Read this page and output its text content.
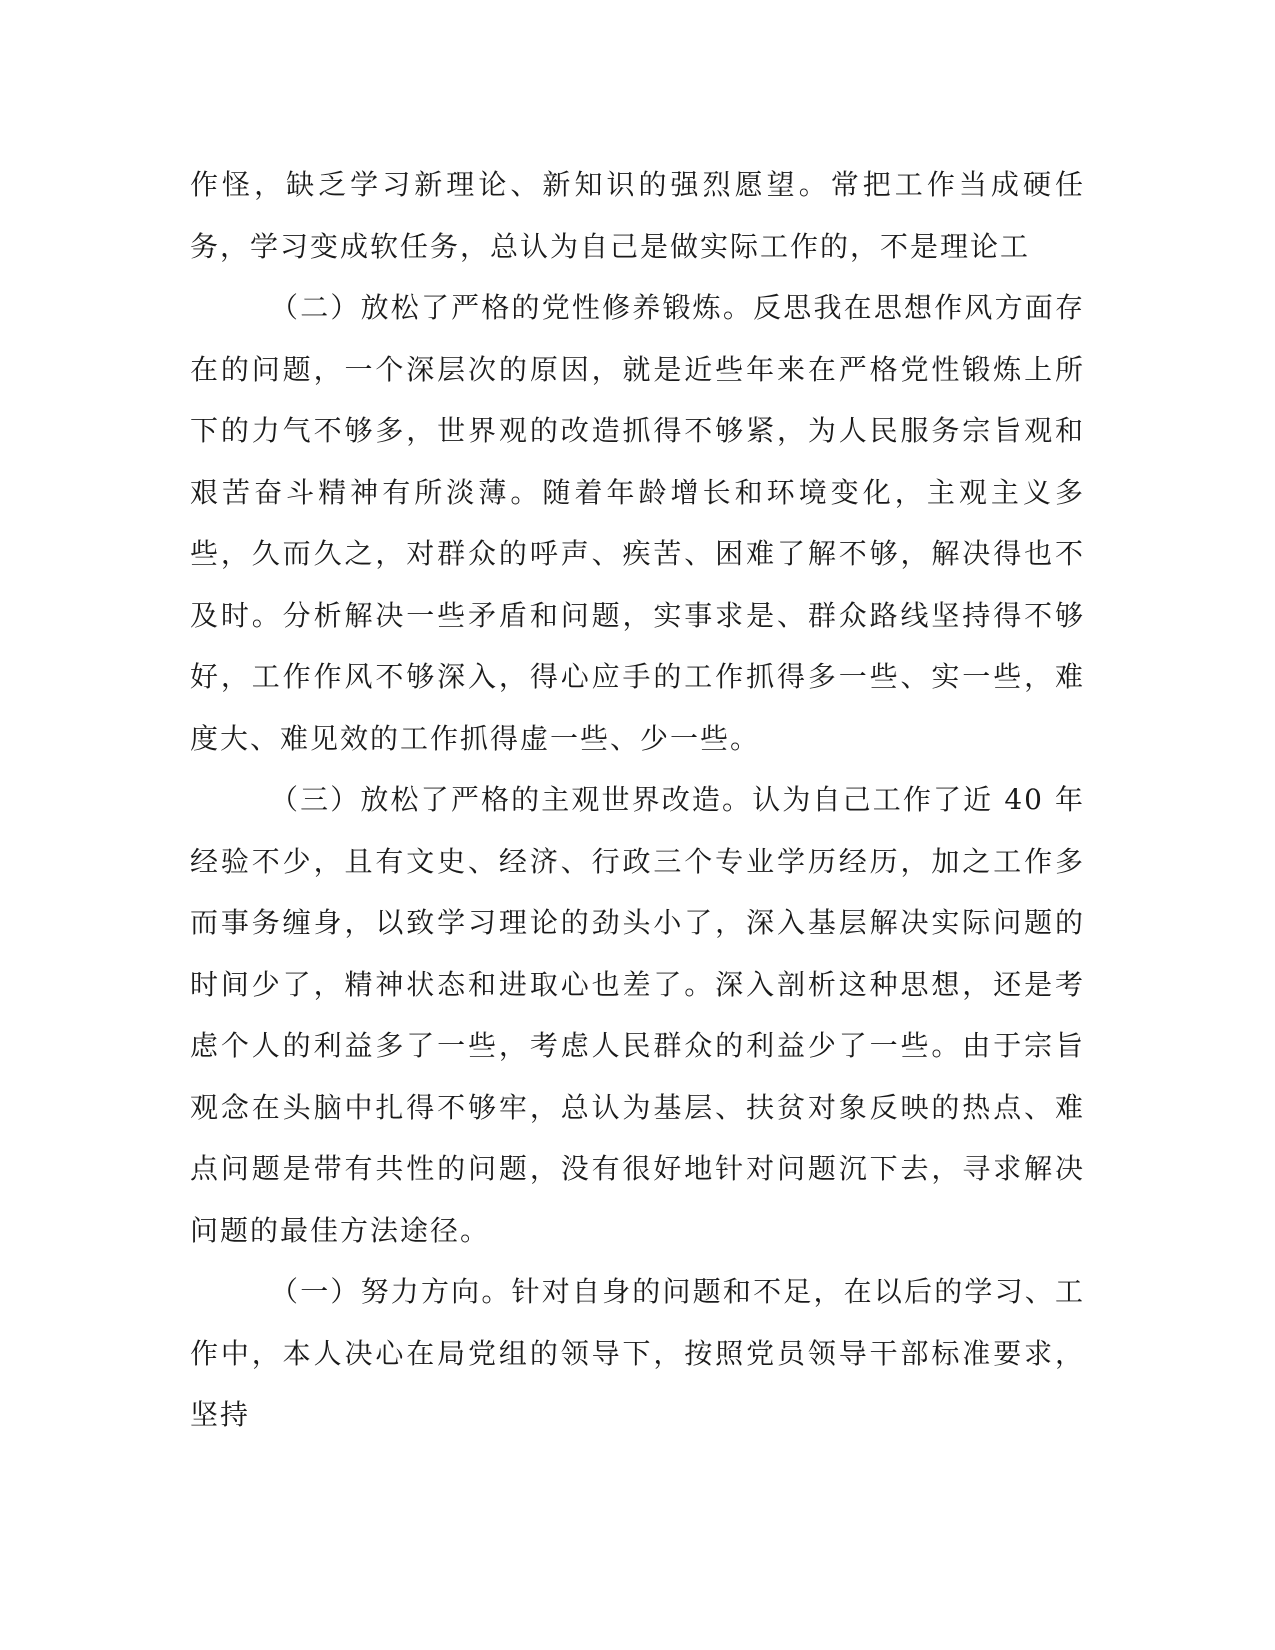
作怪，缺乏学习新理论、新知识的强烈愿望。常把工作当成硬任务，学习变成软任务，总认为自己是做实际工作的，不是理论工

（二）放松了严格的党性修养锻炼。反思我在思想作风方面存在的问题，一个深层次的原因，就是近些年来在严格党性锻炼上所下的力气不够多，世界观的改造抓得不够紧，为人民服务宗旨观和艰苦奋斗精神有所淡薄。随着年龄增长和环境变化，主观主义多些，久而久之，对群众的呼声、疾苦、困难了解不够，解决得也不及时。分析解决一些矛盾和问题，实事求是、群众路线坚持得不够好，工作作风不够深入，得心应手的工作抓得多一些、实一些，难度大、难见效的工作抓得虚一些、少一些。

（三）放松了严格的主观世界改造。认为自己工作了近 40 年经验不少，且有文史、经济、行政三个专业学历经历，加之工作多而事务缠身，以致学习理论的劲头小了，深入基层解决实际问题的时间少了，精神状态和进取心也差了。深入剖析这种思想，还是考虑个人的利益多了一些，考虑人民群众的利益少了一些。由于宗旨观念在头脑中扎得不够牢，总认为基层、扶贫对象反映的热点、难点问题是带有共性的问题，没有很好地针对问题沉下去，寻求解决问题的最佳方法途径。

（一）努力方向。针对自身的问题和不足，在以后的学习、工作中，本人决心在局党组的领导下，按照党员领导干部标准要求，坚持
